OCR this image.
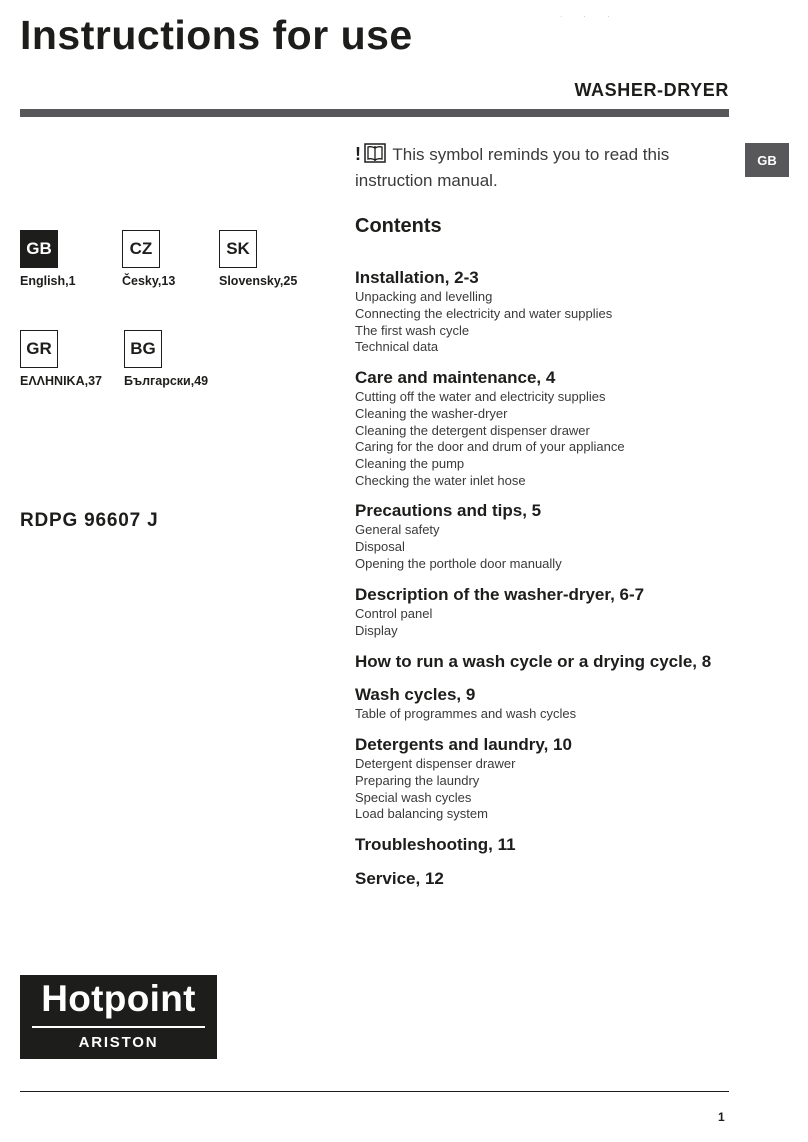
Instructions for use	· · ·
WASHER-DRYER
GB
GB
English,1
CZ
Česky,13
SK
Slovensky,25
GR
ΕΛΛΗΝΙΚΑ,37
BG
Български,49
RDPG 96607 J
! This symbol reminds you to read this instruction manual.
Contents
Installation, 2-3
Unpacking and levelling
Connecting the electricity and water supplies
The first wash cycle
Technical data
Care and maintenance, 4
Cutting off the water and electricity supplies
Cleaning the washer-dryer
Cleaning the detergent dispenser drawer
Caring for the door and drum of your appliance
Cleaning the pump
Checking the water inlet hose
Precautions and tips, 5
General safety
Disposal
Opening the porthole door manually
Description of the washer-dryer, 6-7
Control panel
Display
How to run a wash cycle or a drying cycle, 8
Wash cycles, 9
Table of programmes and wash cycles
Detergents and laundry, 10
Detergent dispenser drawer
Preparing the laundry
Special wash cycles
Load balancing system
Troubleshooting, 11
Service, 12
Hotpoint
ARISTON
1
